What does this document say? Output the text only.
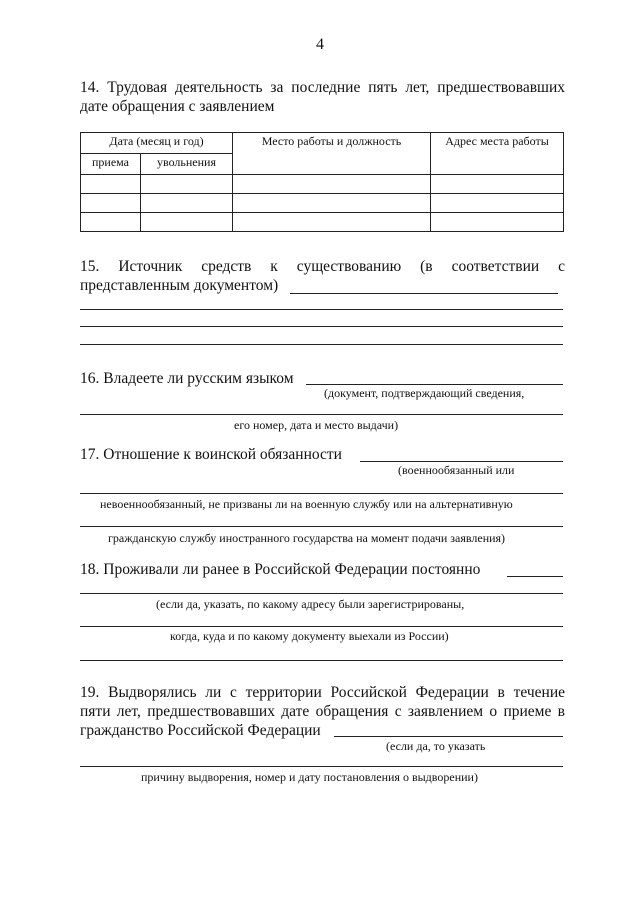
4
14. Трудовая деятельность за последние пять лет, предшествовавших
дате обращения с заявлением
Дата (месяц и год)		Место работы и должность	Адрес места работы
приема	увольнения		

15. Источник средств к существованию (в соответствии с
представленным документом)
16. Владеете ли русским языком
(документ, подтверждающий сведения,
его номер, дата и место выдачи)
17. Отношение к воинской обязанности
(военнообязанный или
невоеннообязанный, не призваны ли на военную службу или на альтернативную
гражданскую службу иностранного государства на момент подачи заявления)
18. Проживали ли ранее в Российской Федерации постоянно
(если да, указать, по какому адресу были зарегистрированы,
когда, куда и по какому документу выехали из России)
19. Выдворялись ли с территории Российской Федерации в течение
пяти лет, предшествовавших дате обращения с заявлением о приеме в
гражданство Российской Федерации
(если да, то указать
причину выдворения, номер и дату постановления о выдворении)
